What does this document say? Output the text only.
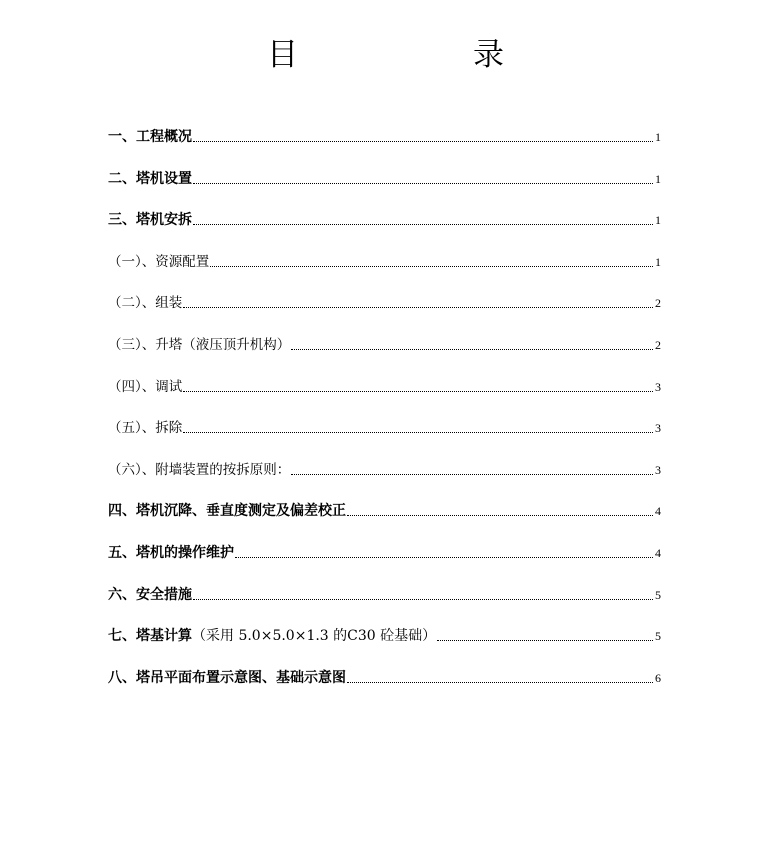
目	录
一、工程概况	1
二、塔机设置	1
三、塔机安拆	1
（一）、资源配置	1
（二）、组装	2
（三）、升塔（液压顶升机构）	2
（四）、调试	3
（五）、拆除	3
（六）、附墙装置的按拆原则：	3
四、塔机沉降、垂直度测定及偏差校正	4
五、塔机的操作维护	4
六、安全措施	5
七、塔基计算（采用 5.0×5.0×1.3 的C30 砼基础）	5
八、塔吊平面布置示意图、基础示意图	6
